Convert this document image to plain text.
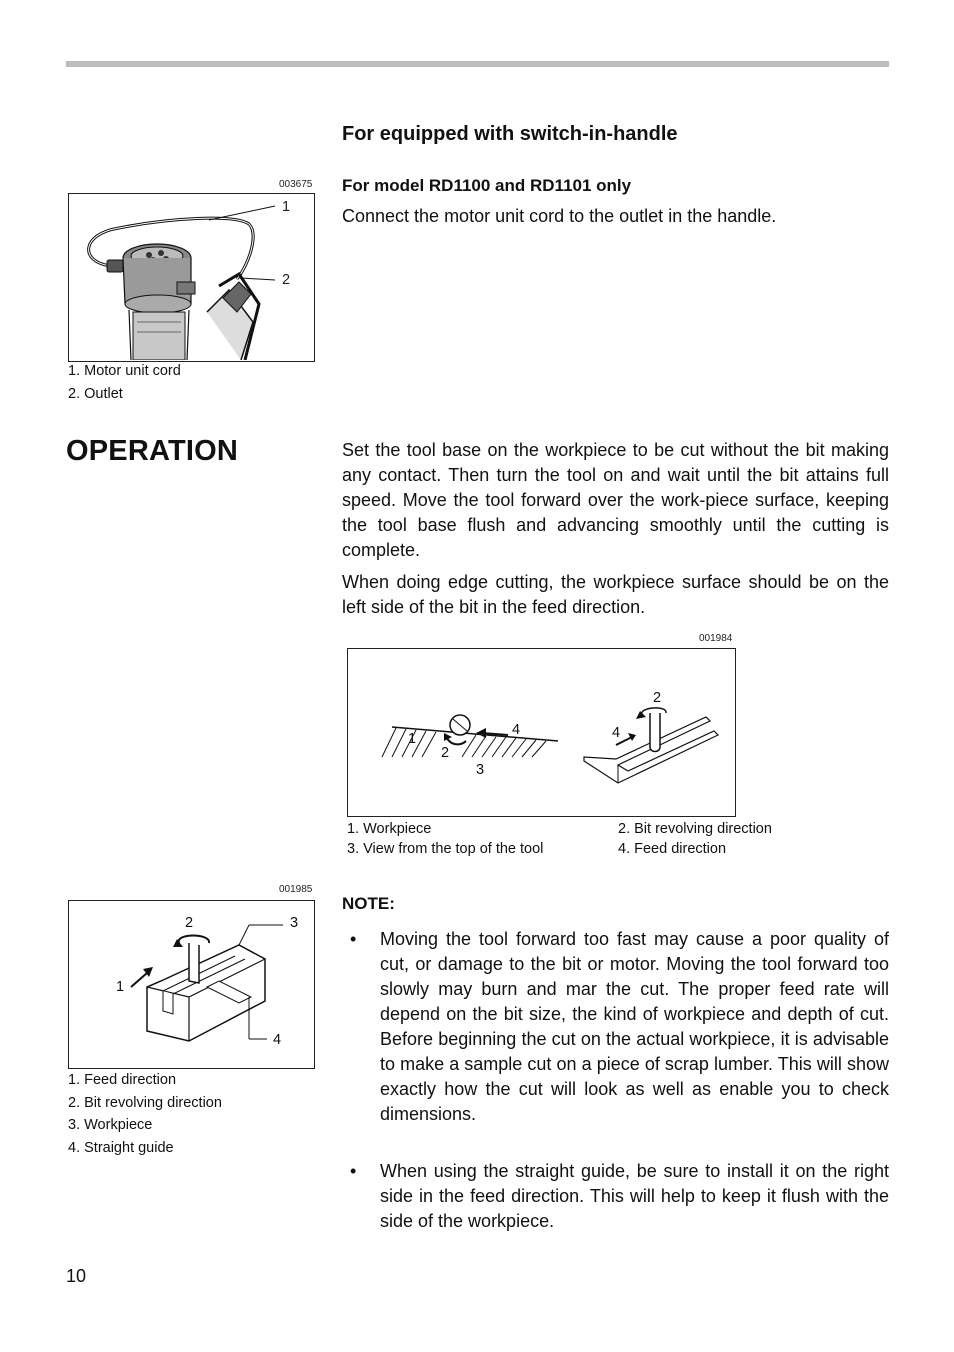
For equipped with switch-in-handle
For model RD1100 and RD1101 only
Connect the motor unit cord to the outlet in the handle.
003675
1
2
1. Motor unit cord
2. Outlet
OPERATION	Set the tool base on the workpiece to be cut without the bit making any contact. Then turn the tool on and wait until the bit attains full speed. Move the tool forward over the work-piece surface, keeping the tool base flush and advancing smoothly until the cutting is complete.
When doing edge cutting, the workpiece surface should be on the left side of the bit in the feed direction.
001984
1
2
4
3
2
4
1. Workpiece	2. Bit revolving direction
3. View from the top of the tool	4. Feed direction
001985
2	3
1
4
1. Feed direction
2. Bit revolving direction
3. Workpiece
4. Straight guide
NOTE:
• Moving the tool forward too fast may cause a poor quality of cut, or damage to the bit or motor. Moving the tool forward too slowly may burn and mar the cut. The proper feed rate will depend on the bit size, the kind of workpiece and depth of cut. Before beginning the cut on the actual workpiece, it is advisable to make a sample cut on a piece of scrap lumber. This will show exactly how the cut will look as well as enable you to check dimensions.
• When using the straight guide, be sure to install it on the right side in the feed direction. This will help to keep it flush with the side of the workpiece.
10
